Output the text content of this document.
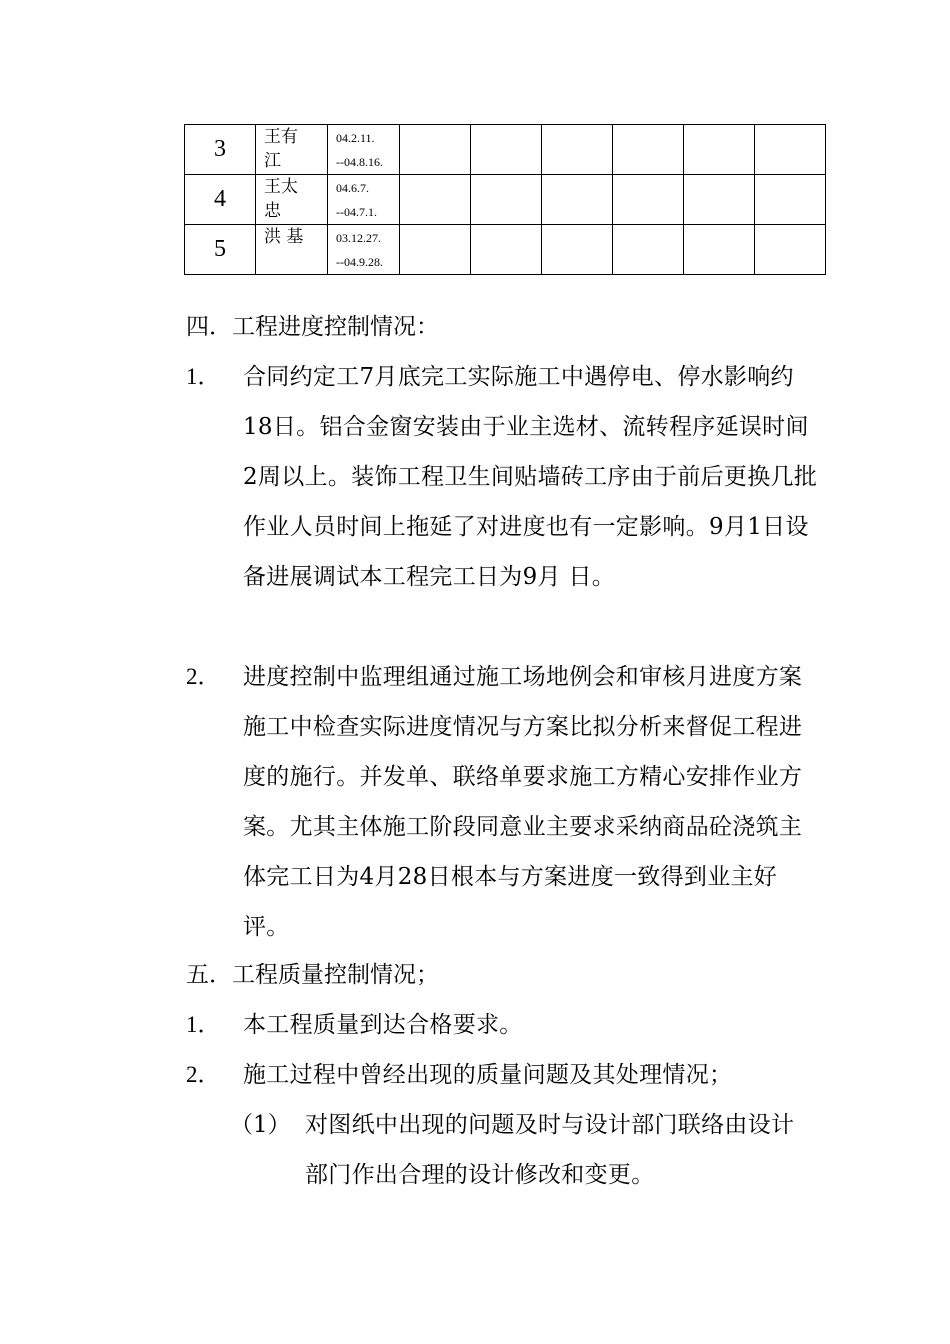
3	王有江	04.2.11.
--04.8.16.						

4	王太忠	04.6.7.
--04.7.1.						

5	洪 基	03.12.27.
--04.9.28.						

四．工程进度控制情况：

1． 合同约定工7月底完工实际施工中遇停电、停水影响约18日。铝合金窗安装由于业主选材、流转程序延误时间2周以上。装饰工程卫生间贴墙砖工序由于前后更换几批作业人员时间上拖延了对进度也有一定影响。9月1日设备进展调试本工程完工日为9月 日。

2． 进度控制中监理组通过施工场地例会和审核月进度方案施工中检查实际进度情况与方案比拟分析来督促工程进度的施行。并发单、联络单要求施工方精心安排作业方案。尤其主体施工阶段同意业主要求采纳商品砼浇筑主体完工日为4月28日根本与方案进度一致得到业主好评。

五．工程质量控制情况；

1． 本工程质量到达合格要求。

2． 施工过程中曾经出现的质量问题及其处理情况；

（1） 对图纸中出现的问题及时与设计部门联络由设计部门作出合理的设计修改和变更。
